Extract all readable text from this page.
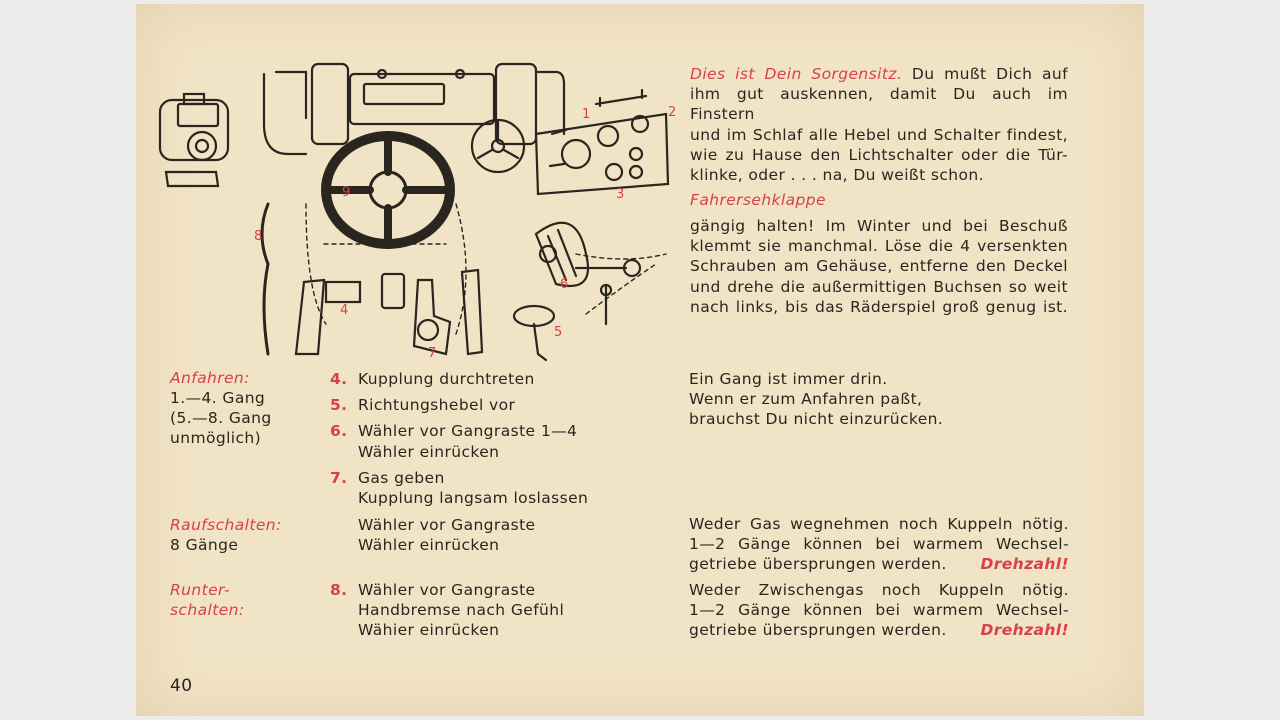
1	2
3
4
5
6
7
8
9
Dies ist Dein Sorgensitz. Du mußt Dich auf
ihm gut auskennen, damit Du auch im Finstern
und im Schlaf alle Hebel und Schalter findest,
wie zu Hause den Lichtschalter oder die Tür-
klinke, oder . . . na, Du weißt schon.
Fahrersehklappe
gängig halten! Im Winter und bei Beschuß
klemmt sie manchmal. Löse die 4 versenkten
Schrauben am Gehäuse, entferne den Deckel
und drehe die außermittigen Buchsen so weit
nach links, bis das Räderspiel groß genug ist.
Anfahren:
1.—4. Gang
(5.—8. Gang
unmöglich)
4. Kupplung durchtreten
5. Richtungshebel vor
6. Wähler vor Gangraste 1—4
Wähler einrücken
7. Gas geben
Kupplung langsam loslassen
Ein Gang ist immer drin.
Wenn er zum Anfahren paßt,
brauchst Du nicht einzurücken.
Raufschalten:
8 Gänge
Wähler vor Gangraste
Wähler einrücken
Weder Gas wegnehmen noch Kuppeln nötig.
1—2 Gänge können bei warmem Wechsel-
getriebe übersprungen werden. Drehzahl!
Runter-
schalten:
8. Wähler vor Gangraste
Handbremse nach Gefühl
Wähier einrücken
Weder Zwischengas noch Kuppeln nötig.
1—2 Gänge können bei warmem Wechsel-
getriebe übersprungen werden. Drehzahl!
40
